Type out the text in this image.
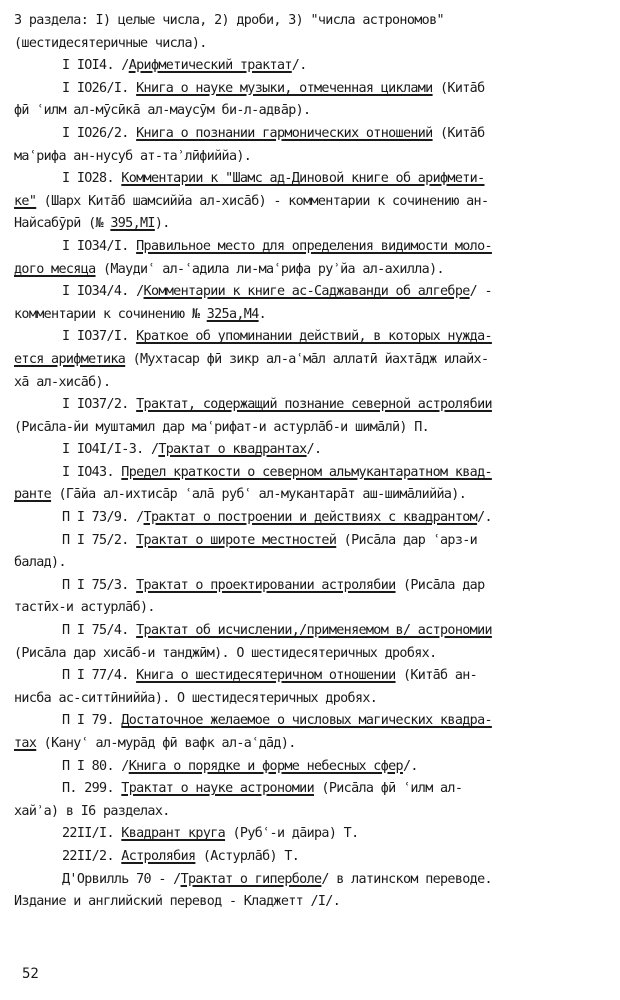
3 раздела: I) целые числа, 2) дроби, 3) "числа астрономов"
(шестидесятеричные числа).
I IOI4. /Арифметический трактат/.
I IO26/I. Книга о науке музыки, отмеченная циклами (Кита̄б
фӣ ʿилм ал-мӯсӣка̄ ал-маусӯм би-л-адва̄р).
I IO26/2. Книга о познании гармонических отношений (Кита̄б
маʿрифа ан-нусуб ат-таʾлӣфиййа).
I IO28. Комментарии к "Шамс ад-Диновой книге об арифмети-
ке" (Шарх Кита̄б шамсиййа ал-хиса̄б) - комментарии к сочинению ан-
Найсабӯрӣ (№ 395,MI).
I IO34/I. Правильное место для определения видимости моло-
дого месяца (Маудиʿ ал-ʿадила ли-маʿрифа руʾйа ал-ахилла).
I IO34/4. /Комментарии к книге ас-Саджаванди об алгебре/ -
комментарии к сочинению № 325а,M4.
I IO37/I. Краткое об упоминании действий, в которых нужда-
ется арифметика (Мухтасар фӣ зикр ал-аʿма̄л аллатӣ йахта̄дж илайх-
ха̄ ал-хиса̄б).
I IO37/2. Трактат, содержащий познание северной астролябии
(Риса̄ла-йи муштамил дар маʿрифат-и астурла̄б-и шима̄лӣ) П.
I IO4I/I-3. /Трактат о квадрантах/.
I IO43. Предел краткости о северном альмукантаратном квад-
ранте (Га̄йа ал-ихтиса̄р ʿала̄ рубʿ ал-мукантара̄т аш-шима̄лиййа).
П I 73/9. /Трактат о построении и действиях с квадрантом/.
П I 75/2. Трактат о широте местностей (Риса̄ла дар ʿарз-и
балад).
П I 75/3. Трактат о проектировании астролябии (Риса̄ла дар
тастӣх-и астурла̄б).
П I 75/4. Трактат об исчислении,/применяемом в/ астрономии
(Риса̄ла дар хиса̄б-и танджӣм). О шестидесятеричных дробях.
П I 77/4. Книга о шестидесятеричном отношении (Кита̄б ан-
нисба ас-ситтӣниййа). О шестидесятеричных дробях.
П I 79. Достаточное желаемое о числовых магических квадра-
тах (Кануʿ ал-мура̄д фӣ вафк ал-аʿда̄д).
П I 80. /Книга о порядке и форме небесных сфер/.
П. 299. Трактат о науке астрономии (Риса̄ла фӣ ʿилм ал-
хайʾа) в I6 разделах.
22II/I. Квадрант круга (Рубʿ-и да̄ира) Т.
22II/2. Астролябия (Астурла̄б) Т.
Д'Орвилль 70 - /Трактат о гиперболе/ в латинском переводе.
Издание и английский перевод - Кладжетт /I/.
52
